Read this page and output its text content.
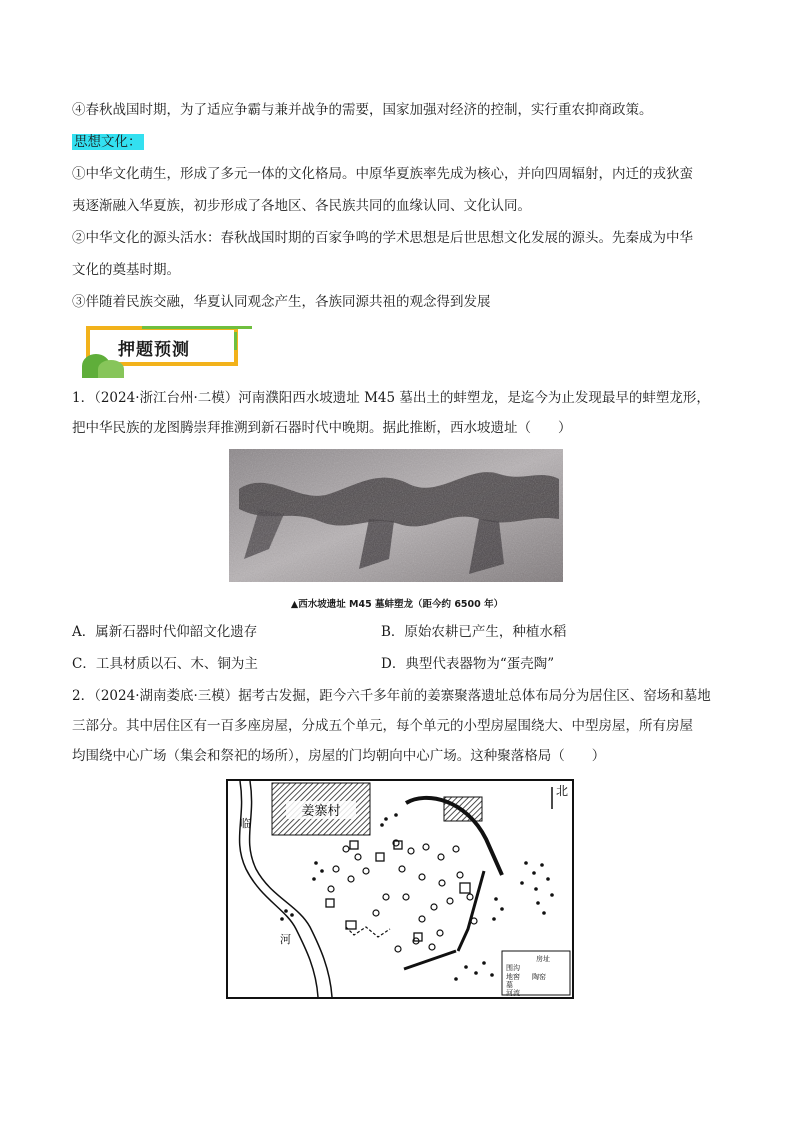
④春秋战国时期，为了适应争霸与兼并战争的需要，国家加强对经济的控制，实行重农抑商政策。
思想文化：
①中华文化萌生，形成了多元一体的文化格局。中原华夏族率先成为核心，并向四周辐射，内迁的戎狄蛮
夷逐渐融入华夏族，初步形成了各地区、各民族共同的血缘认同、文化认同。
②中华文化的源头活水：春秋战国时期的百家争鸣的学术思想是后世思想文化发展的源头。先秦成为中华
文化的奠基时期。
③伴随着民族交融，华夏认同观念产生，各族同源共祖的观念得到发展
押题预测
1．（2024·浙江台州·二模）河南濮阳西水坡遗址 M45 墓出土的蚌塑龙，是迄今为止发现最早的蚌塑龙形，
把中华民族的龙图腾崇拜推溯到新石器时代中晚期。据此推断，西水坡遗址（　　）
▲西水坡遗址 M45 墓蚌塑龙（距今约 6500 年）
A．属新石器时代仰韶文化遗存	B．原始农耕已产生，种植水稻
C．工具材质以石、木、铜为主	D．典型代表器物为“蛋壳陶”
2．（2024·湖南娄底·三模）据考古发掘，距今六千多年前的姜寨聚落遗址总体布局分为居住区、窑场和墓地
三部分。其中居住区有一百多座房屋，分成五个单元，每个单元的小型房屋围绕大、中型房屋，所有房屋
均围绕中心广场（集会和祭祀的场所），房屋的门均朝向中心广场。这种聚落格局（　　）
姜寨村
北
临
河
房址
围沟
地窖 陶窑
墓
河流
